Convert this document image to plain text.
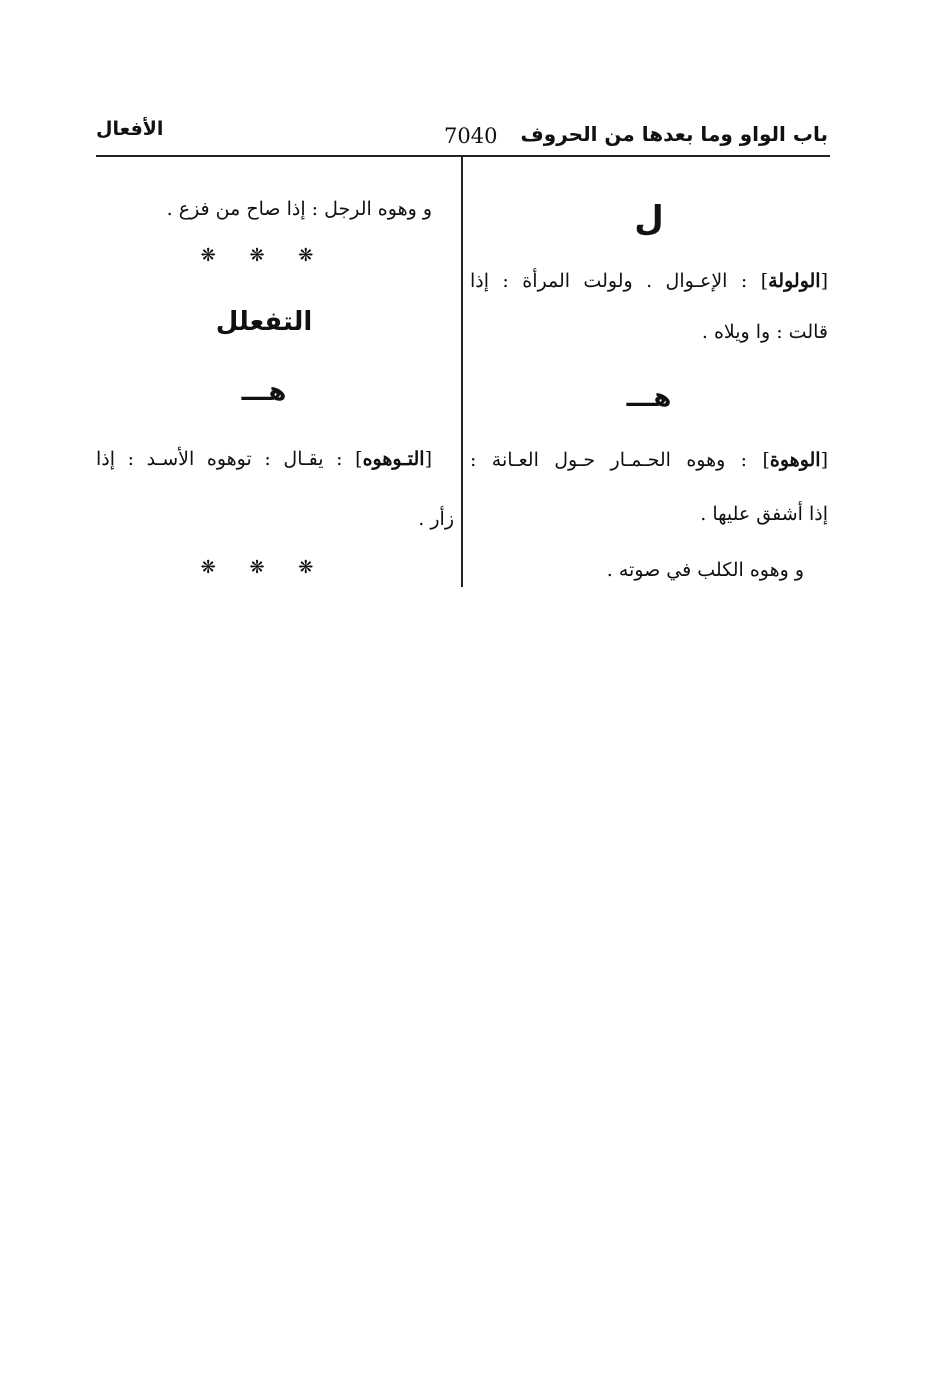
باب الواو وما بعدها من الحروف
7040
الأفعال
ل
[الولولة] : الإعـوال . ولولت المرأة : إذا
قالت : وا ويلاه .
هـــ
[الوهوة] : وهوه الحـمـار حـول العـانة :
إذا أشفق عليها .
و وهوه الكلب في صوته .
و وهوه الرجل : إذا صاح من فزع .
❋ ❋ ❋
التفعلل
هـــ
[التـوهوه] : يقـال : توهوه الأسـد : إذا
زأر .
❋ ❋ ❋
